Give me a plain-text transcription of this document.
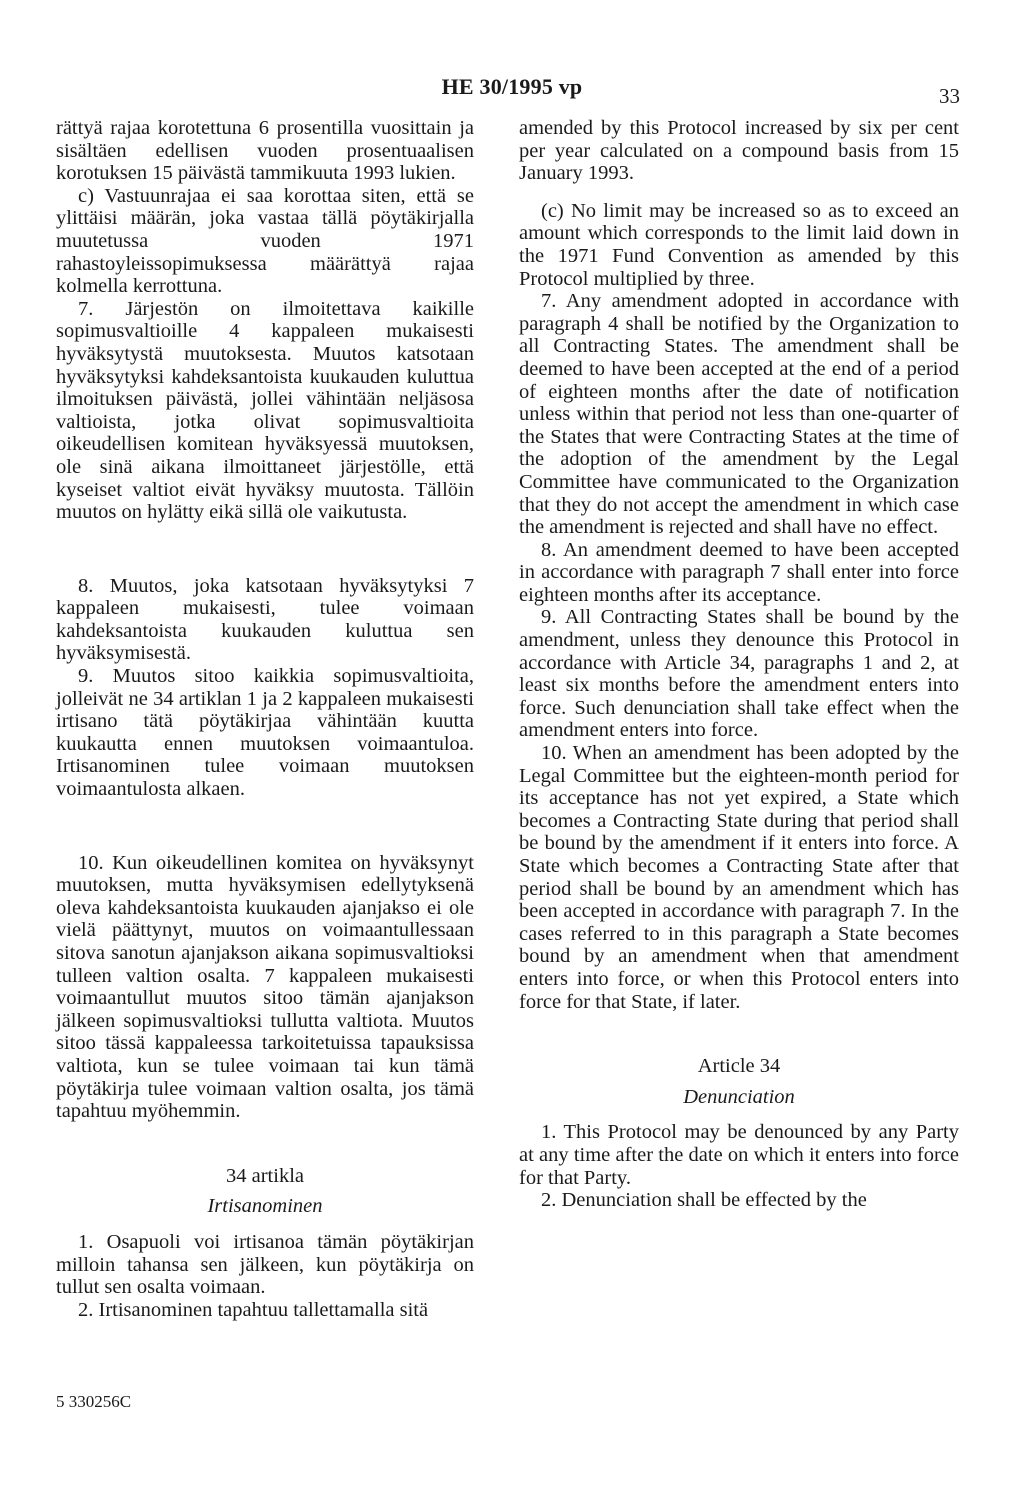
HE 30/1995 vp	33

rättyä rajaa korotettuna 6 prosentilla vuosittain ja sisältäen edellisen vuoden prosentuaalisen korotuksen 15 päivästä tammikuuta 1993 lukien.

c) Vastuunrajaa ei saa korottaa siten, että se ylittäisi määrän, joka vastaa tällä pöytäkirjalla muutetussa vuoden 1971 rahastoyleissopimuksessa määrättyä rajaa kolmella kerrottuna.

7. Järjestön on ilmoitettava kaikille sopimusvaltioille 4 kappaleen mukaisesti hyväksytystä muutoksesta. Muutos katsotaan hyväksytyksi kahdeksantoista kuukauden kuluttua ilmoituksen päivästä, jollei vähintään neljäsosa valtioista, jotka olivat sopimusvaltioita oikeudellisen komitean hyväksyessä muutoksen, ole sinä aikana ilmoittaneet järjestölle, että kyseiset valtiot eivät hyväksy muutosta. Tällöin muutos on hylätty eikä sillä ole vaikutusta.

8. Muutos, joka katsotaan hyväksytyksi 7 kappaleen mukaisesti, tulee voimaan kahdeksantoista kuukauden kuluttua sen hyväksymisestä.

9. Muutos sitoo kaikkia sopimusvaltioita, jolleivät ne 34 artiklan 1 ja 2 kappaleen mukaisesti irtisano tätä pöytäkirjaa vähintään kuutta kuukautta ennen muutoksen voimaantuloa. Irtisanominen tulee voimaan muutoksen voimaantulosta alkaen.

10. Kun oikeudellinen komitea on hyväksynyt muutoksen, mutta hyväksymisen edellytyksenä oleva kahdeksantoista kuukauden ajanjakso ei ole vielä päättynyt, muutos on voimaantullessaan sitova sanotun ajanjakson aikana sopimusvaltioksi tulleen valtion osalta. 7 kappaleen mukaisesti voimaantullut muutos sitoo tämän ajanjakson jälkeen sopimusvaltioksi tullutta valtiota. Muutos sitoo tässä kappaleessa tarkoitetuissa tapauksissa valtiota, kun se tulee voimaan tai kun tämä pöytäkirja tulee voimaan valtion osalta, jos tämä tapahtuu myöhemmin.

34 artikla

Irtisanominen

1. Osapuoli voi irtisanoa tämän pöytäkirjan milloin tahansa sen jälkeen, kun pöytäkirja on tullut sen osalta voimaan.

2. Irtisanominen tapahtuu tallettamalla sitä

amended by this Protocol increased by six per cent per year calculated on a compound basis from 15 January 1993.

(c) No limit may be increased so as to exceed an amount which corresponds to the limit laid down in the 1971 Fund Convention as amended by this Protocol multiplied by three.

7. Any amendment adopted in accordance with paragraph 4 shall be notified by the Organization to all Contracting States. The amendment shall be deemed to have been accepted at the end of a period of eighteen months after the date of notification unless within that period not less than one-quarter of the States that were Contracting States at the time of the adoption of the amendment by the Legal Committee have communicated to the Organization that they do not accept the amendment in which case the amendment is rejected and shall have no effect.

8. An amendment deemed to have been accepted in accordance with paragraph 7 shall enter into force eighteen months after its acceptance.

9. All Contracting States shall be bound by the amendment, unless they denounce this Protocol in accordance with Article 34, paragraphs 1 and 2, at least six months before the amendment enters into force. Such denunciation shall take effect when the amendment enters into force.

10. When an amendment has been adopted by the Legal Committee but the eighteen-month period for its acceptance has not yet expired, a State which becomes a Contracting State during that period shall be bound by the amendment if it enters into force. A State which becomes a Contracting State after that period shall be bound by an amendment which has been accepted in accordance with paragraph 7. In the cases referred to in this paragraph a State becomes bound by an amendment when that amendment enters into force, or when this Protocol enters into force for that State, if later.

Article 34

Denunciation

1. This Protocol may be denounced by any Party at any time after the date on which it enters into force for that Party.

2. Denunciation shall be effected by the

5 330256C
